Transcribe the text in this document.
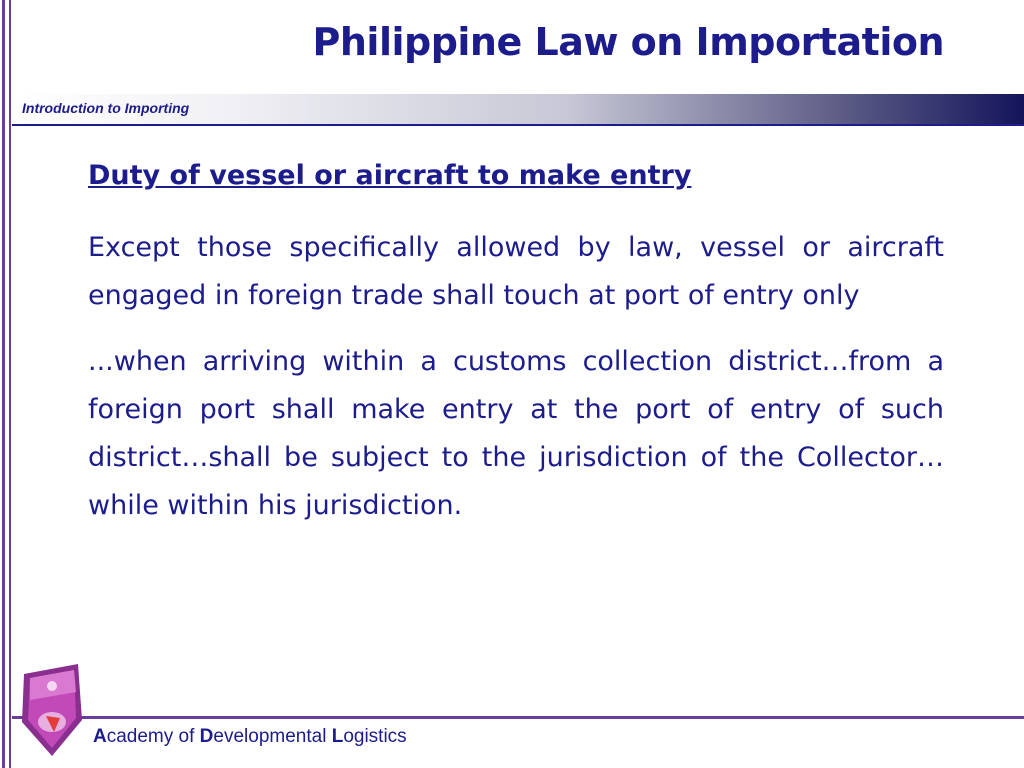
Philippine Law on Importation
Introduction to Importing
Duty of vessel or aircraft to make entry
Except those specifically allowed by law, vessel or aircraft engaged in foreign trade shall touch at port of entry only
...when arriving within a customs collection district…from a foreign port shall make entry at the port of entry of such district…shall be subject to the jurisdiction of the Collector…while within his jurisdiction.
Academy of Developmental Logistics
